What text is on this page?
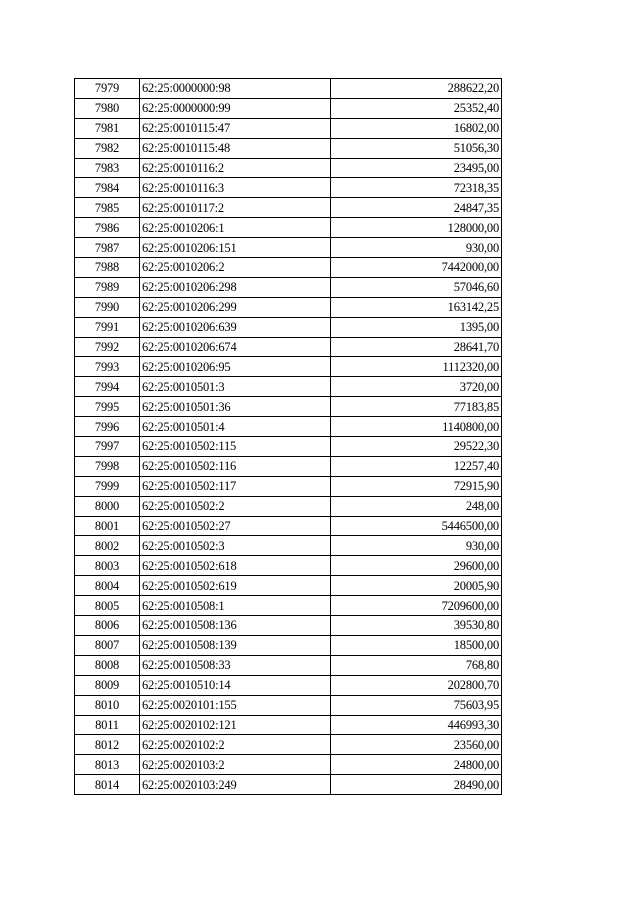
7979	62:25:0000000:98	288622,20
7980	62:25:0000000:99	25352,40
7981	62:25:0010115:47	16802,00
7982	62:25:0010115:48	51056,30
7983	62:25:0010116:2	23495,00
7984	62:25:0010116:3	72318,35
7985	62:25:0010117:2	24847,35
7986	62:25:0010206:1	128000,00
7987	62:25:0010206:151	930,00
7988	62:25:0010206:2	7442000,00
7989	62:25:0010206:298	57046,60
7990	62:25:0010206:299	163142,25
7991	62:25:0010206:639	1395,00
7992	62:25:0010206:674	28641,70
7993	62:25:0010206:95	1112320,00
7994	62:25:0010501:3	3720,00
7995	62:25:0010501:36	77183,85
7996	62:25:0010501:4	1140800,00
7997	62:25:0010502:115	29522,30
7998	62:25:0010502:116	12257,40
7999	62:25:0010502:117	72915,90
8000	62:25:0010502:2	248,00
8001	62:25:0010502:27	5446500,00
8002	62:25:0010502:3	930,00
8003	62:25:0010502:618	29600,00
8004	62:25:0010502:619	20005,90
8005	62:25:0010508:1	7209600,00
8006	62:25:0010508:136	39530,80
8007	62:25:0010508:139	18500,00
8008	62:25:0010508:33	768,80
8009	62:25:0010510:14	202800,70
8010	62:25:0020101:155	75603,95
8011	62:25:0020102:121	446993,30
8012	62:25:0020102:2	23560,00
8013	62:25:0020103:2	24800,00
8014	62:25:0020103:249	28490,00
